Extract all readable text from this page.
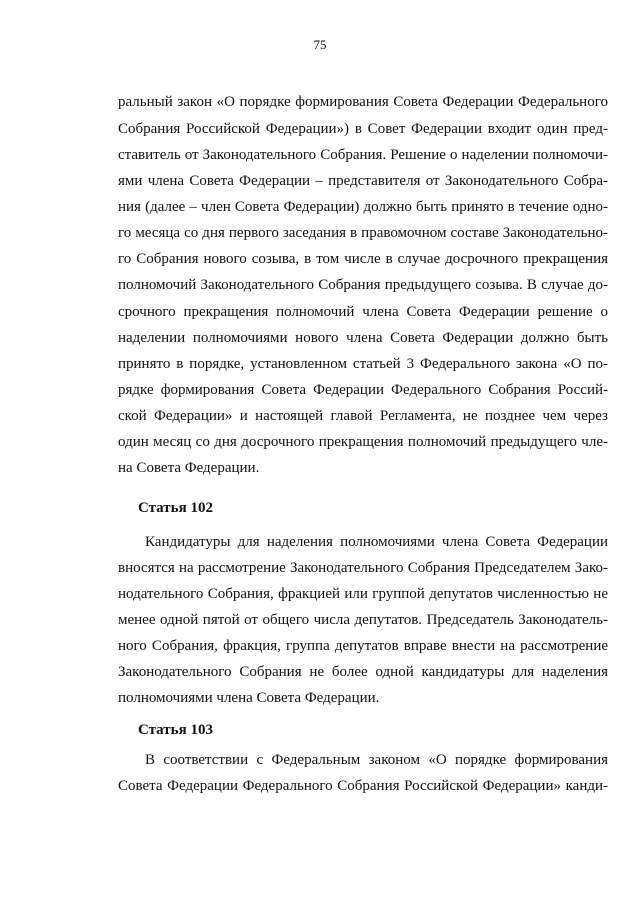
75
ральный закон «О порядке формирования Совета Федерации Федерального
Собрания Российской Федерации») в Совет Федерации входит один пред-
ставитель от Законодательного Собрания. Решение о наделении полномочи-
ями члена Совета Федерации – представителя от Законодательного Собра-
ния (далее – член Совета Федерации) должно быть принято в течение одно-
го месяца со дня первого заседания в правомочном составе Законодательно-
го Собрания нового созыва, в том числе в случае досрочного прекращения
полномочий Законодательного Собрания предыдущего созыва. В случае до-
срочного прекращения полномочий члена Совета Федерации решение о
наделении полномочиями нового члена Совета Федерации должно быть
принято в порядке, установленном статьей 3 Федерального закона «О по-
рядке формирования Совета Федерации Федерального Собрания Россий-
ской Федерации» и настоящей главой Регламента, не позднее чем через
один месяц со дня досрочного прекращения полномочий предыдущего чле-
на Совета Федерации.
Статья 102
Кандидатуры для наделения полномочиями члена Совета Федерации
вносятся на рассмотрение Законодательного Собрания Председателем Зако-
нодательного Собрания, фракцией или группой депутатов численностью не
менее одной пятой от общего числа депутатов. Председатель Законодатель-
ного Собрания, фракция, группа депутатов вправе внести на рассмотрение
Законодательного Собрания не более одной кандидатуры для наделения
полномочиями члена Совета Федерации.
Статья 103
В соответствии с Федеральным законом «О порядке формирования
Совета Федерации Федерального Собрания Российской Федерации» канди-
